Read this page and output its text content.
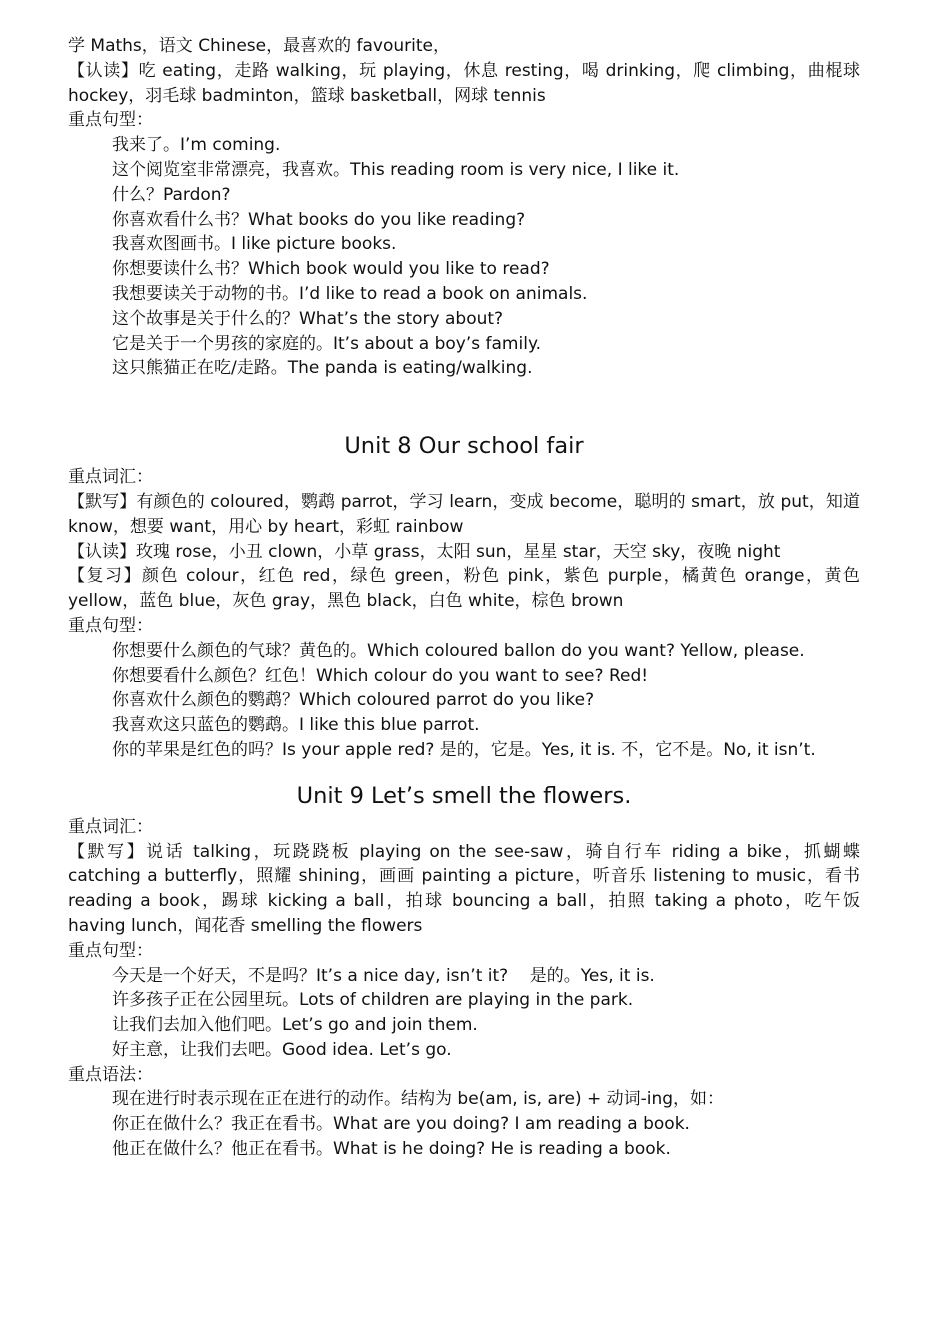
学 Maths，语文 Chinese，最喜欢的 favourite，

【认读】吃 eating，走路 walking，玩 playing，休息 resting，喝 drinking，爬 climbing，曲棍球 hockey，羽毛球 badminton，篮球 basketball，网球 tennis

重点句型：

我来了。I’m coming.

这个阅览室非常漂亮，我喜欢。This reading room is very nice, I like it.

什么？Pardon?

你喜欢看什么书？What books do you like reading?

我喜欢图画书。I like picture books.

你想要读什么书？Which book would you like to read?

我想要读关于动物的书。I’d like to read a book on animals.

这个故事是关于什么的？What’s the story about?

它是关于一个男孩的家庭的。It’s about a boy’s family.

这只熊猫正在吃/走路。The panda is eating/walking.

Unit 8 Our school fair

重点词汇：

【默写】有颜色的 coloured，鹦鹉 parrot，学习 learn，变成 become，聪明的 smart，放 put，知道 know，想要 want，用心 by heart，彩虹 rainbow

【认读】玫瑰 rose，小丑 clown，小草 grass，太阳 sun，星星 star，天空 sky，夜晚 night

【复习】颜色 colour，红色 red，绿色 green，粉色 pink，紫色 purple，橘黄色 orange，黄色 yellow，蓝色 blue，灰色 gray，黑色 black，白色 white，棕色 brown

重点句型：

你想要什么颜色的气球？黄色的。Which coloured ballon do you want? Yellow, please.

你想要看什么颜色？红色！Which colour do you want to see? Red!

你喜欢什么颜色的鹦鹉？Which coloured parrot do you like?

我喜欢这只蓝色的鹦鹉。I like this blue parrot.

你的苹果是红色的吗？Is your apple red? 是的，它是。Yes, it is. 不，它不是。No, it isn’t.

Unit 9 Let’s smell the flowers.

重点词汇：

【默写】说话 talking，玩跷跷板 playing on the see-saw，骑自行车 riding a bike，抓蝴蝶 catching a butterfly，照耀 shining，画画 painting a picture，听音乐 listening to music，看书 reading a book，踢球 kicking a ball，拍球 bouncing a ball，拍照 taking a photo，吃午饭 having lunch，闻花香 smelling the flowers

重点句型：

今天是一个好天，不是吗？It’s a nice day, isn’t it?    是的。Yes, it is.

许多孩子正在公园里玩。Lots of children are playing in the park.

让我们去加入他们吧。Let’s go and join them.

好主意，让我们去吧。Good idea. Let’s go.

重点语法：

现在进行时表示现在正在进行的动作。结构为 be(am, is, are) + 动词-ing，如：

你正在做什么？我正在看书。What are you doing? I am reading a book.

他正在做什么？他正在看书。What is he doing? He is reading a book.
